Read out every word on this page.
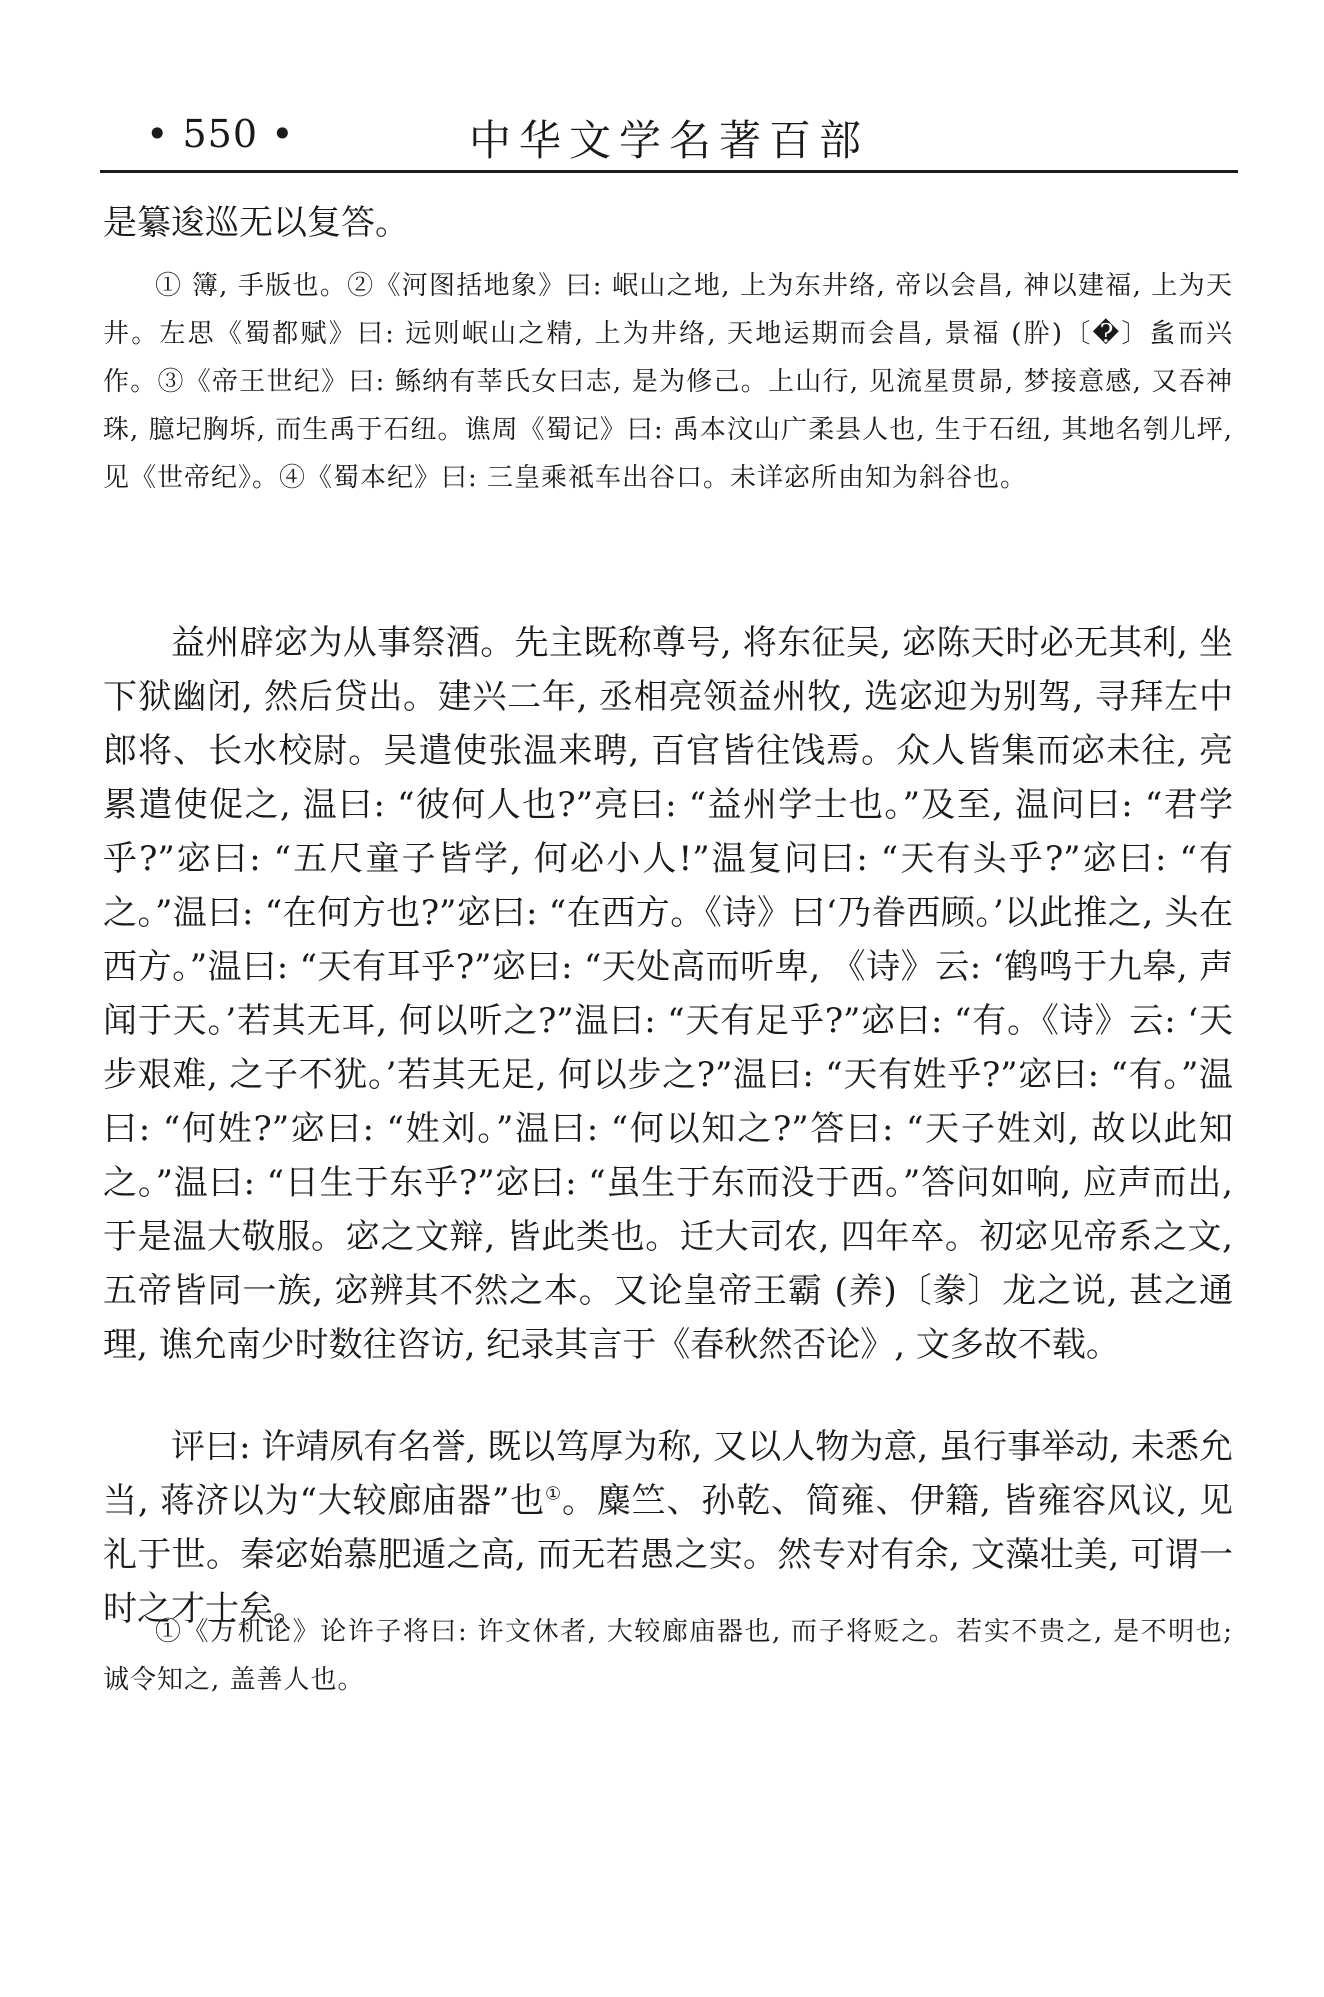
• 550 •	中华文学名著百部

是纂逡巡无以复答。

① 簿, 手版也。②《河图括地象》曰: 岷山之地, 上为东井络, 帝以会昌, 神以建福, 上为天井。左思《蜀都赋》曰: 远则岷山之精, 上为井络, 天地运期而会昌, 景福 (肸)〔�〕蚃而兴作。③《帝王世纪》曰: 鲧纳有莘氏女曰志, 是为修己。上山行, 见流星贯昴, 梦接意感, 又吞神珠, 臆圮胸坼, 而生禹于石纽。谯周《蜀记》曰: 禹本汶山广柔县人也, 生于石纽, 其地名刳儿坪, 见《世帝纪》。④《蜀本纪》曰: 三皇乘祗车出谷口。未详宓所由知为斜谷也。

益州辟宓为从事祭酒。先主既称尊号, 将东征吴, 宓陈天时必无其利, 坐下狱幽闭, 然后贷出。建兴二年, 丞相亮领益州牧, 选宓迎为别驾, 寻拜左中郎将、长水校尉。吴遣使张温来聘, 百官皆往饯焉。众人皆集而宓未往, 亮累遣使促之, 温曰: “彼何人也?”亮曰: “益州学士也。”及至, 温问曰: “君学乎?”宓曰: “五尺童子皆学, 何必小人!”温复问曰: “天有头乎?”宓曰: “有之。”温曰: “在何方也?”宓曰: “在西方。《诗》曰‘乃眷西顾。’以此推之, 头在西方。”温曰: “天有耳乎?”宓曰: “天处高而听卑, 《诗》云: ‘鹤鸣于九皋, 声闻于天。’若其无耳, 何以听之?”温曰: “天有足乎?”宓曰: “有。《诗》云: ‘天步艰难, 之子不犹。’若其无足, 何以步之?”温曰: “天有姓乎?”宓曰: “有。”温曰: “何姓?”宓曰: “姓刘。”温曰: “何以知之?”答曰: “天子姓刘, 故以此知之。”温曰: “日生于东乎?”宓曰: “虽生于东而没于西。”答问如响, 应声而出, 于是温大敬服。宓之文辩, 皆此类也。迁大司农, 四年卒。初宓见帝系之文, 五帝皆同一族, 宓辨其不然之本。又论皇帝王霸 (养)〔豢〕龙之说, 甚之通理, 谯允南少时数往咨访, 纪录其言于《春秋然否论》, 文多故不载。

评曰: 许靖夙有名誉, 既以笃厚为称, 又以人物为意, 虽行事举动, 未悉允当, 蒋济以为“大较廊庙器”也①。麋竺、孙乾、简雍、伊籍, 皆雍容风议, 见礼于世。秦宓始慕肥遁之高, 而无若愚之实。然专对有余, 文藻壮美, 可谓一时之才士矣。

①《万机论》论许子将曰: 许文休者, 大较廊庙器也, 而子将贬之。若实不贵之, 是不明也; 诚令知之, 盖善人也。
